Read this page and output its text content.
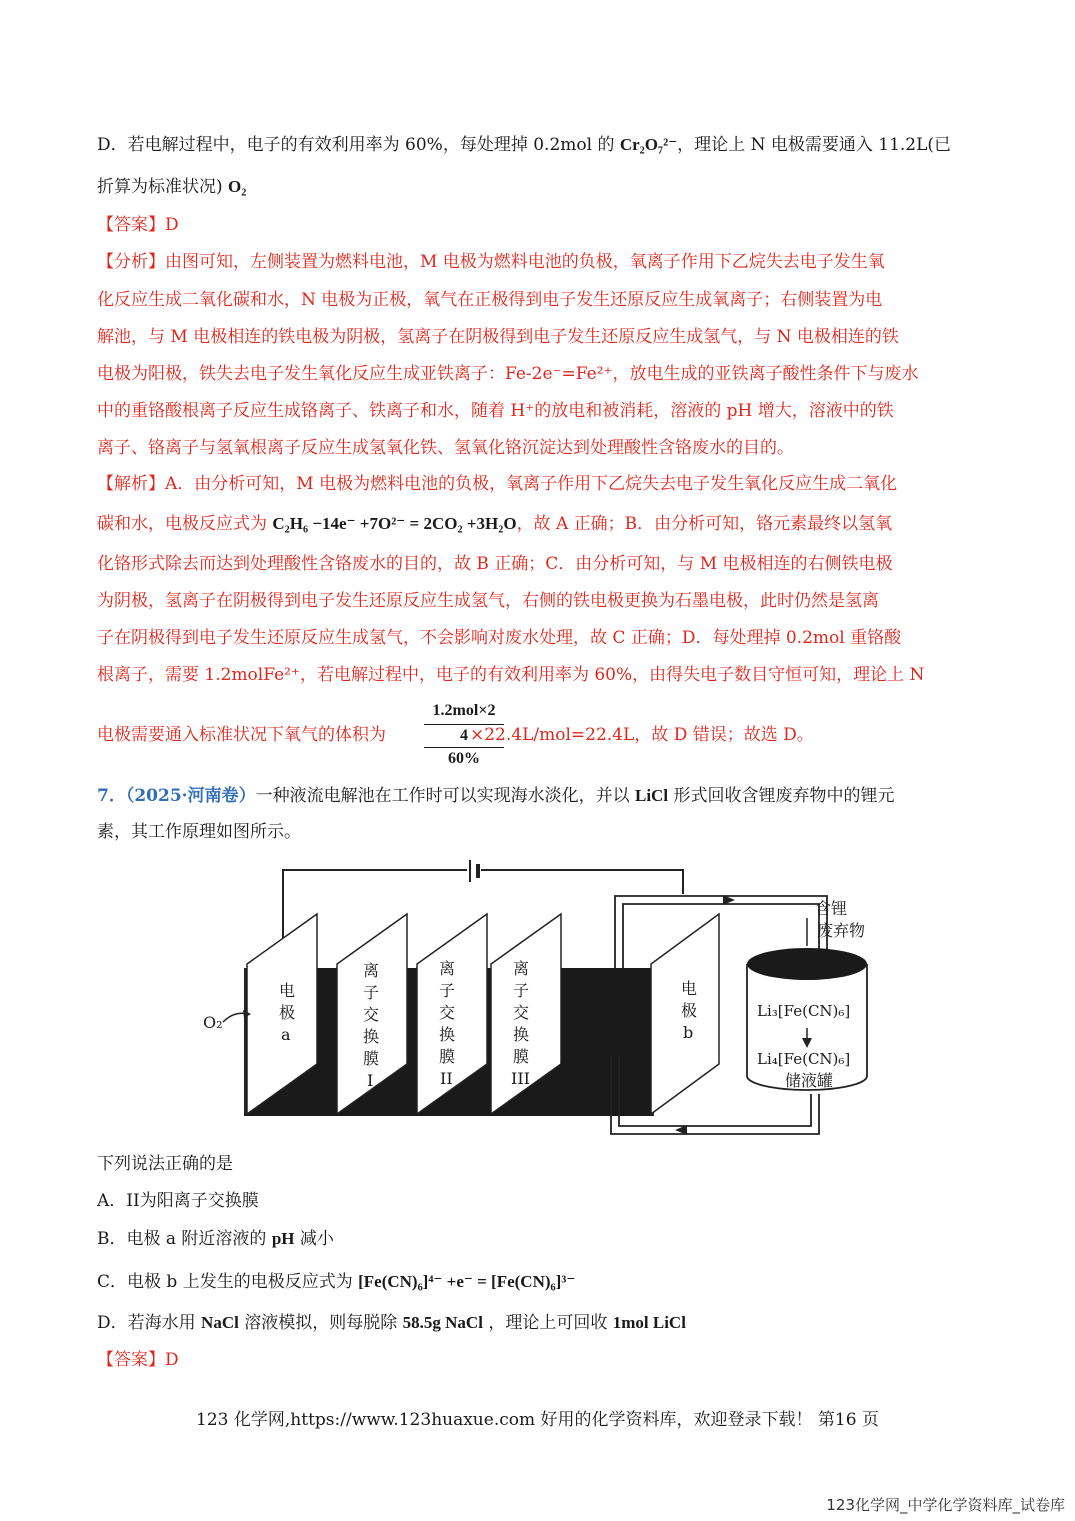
D．若电解过程中，电子的有效利用率为 60%，每处理掉 0.2mol 的 Cr₂O₇²⁻，理论上 N 电极需要通入 11.2L(已
折算为标准状况) O₂
【答案】D
【分析】由图可知，左侧装置为燃料电池，M 电极为燃料电池的负极，氧离子作用下乙烷失去电子发生氧
化反应生成二氧化碳和水，N 电极为正极，氧气在正极得到电子发生还原反应生成氧离子；右侧装置为电
解池，与 M 电极相连的铁电极为阴极，氢离子在阴极得到电子发生还原反应生成氢气，与 N 电极相连的铁
电极为阳极，铁失去电子发生氧化反应生成亚铁离子：Fe-2e⁻=Fe²⁺，放电生成的亚铁离子酸性条件下与废水
中的重铬酸根离子反应生成铬离子、铁离子和水，随着 H⁺的放电和被消耗，溶液的 pH 增大，溶液中的铁
离子、铬离子与氢氧根离子反应生成氢氧化铁、氢氧化铬沉淀达到处理酸性含铬废水的目的。
【解析】A．由分析可知，M 电极为燃料电池的负极，氧离子作用下乙烷失去电子发生氧化反应生成二氧化
碳和水，电极反应式为 C₂H₆ −14e⁻ +7O²⁻ = 2CO₂ +3H₂O，故 A 正确；B．由分析可知，铬元素最终以氢氧
化铬形式除去而达到处理酸性含铬废水的目的，故 B 正确；C．由分析可知，与 M 电极相连的右侧铁电极
为阴极，氢离子在阴极得到电子发生还原反应生成氢气，右侧的铁电极更换为石墨电极，此时仍然是氢离
子在阴极得到电子发生还原反应生成氢气，不会影响对废水处理，故 C 正确；D．每处理掉 0.2mol 重铬酸
根离子，需要 1.2molFe²⁺，若电解过程中，电子的有效利用率为 60%，由得失电子数目守恒可知，理论上 N
电极需要通入标准状况下氧气的体积为	×22.4L/mol=22.4L，故 D 错误；故选 D。
1.2mol×2
4
60%
7．（2025·河南卷）一种液流电解池在工作时可以实现海水淡化，并以 LiCl 形式回收含锂废弃物中的锂元
素，其工作原理如图所示。
O₂
电
极
a
离
子
交
换
膜
I
离
子
交
换
膜
II
离
子
交
换
膜
III
电
极
b
含锂
废弃物
Li₃[Fe(CN)₆]
Li₄[Fe(CN)₆]
储液罐
下列说法正确的是
A．II为阳离子交换膜
B．电极 a 附近溶液的 pH 减小
C．电极 b 上发生的电极反应式为 [Fe(CN)₆]⁴⁻ +e⁻ = [Fe(CN)₆]³⁻
D．若海水用 NaCl 溶液模拟，则每脱除 58.5g NaCl ，理论上可回收 1mol LiCl
【答案】D
123 化学网,https://www.123huaxue.com 好用的化学资料库，欢迎登录下载！ 第16 页
123化学网_中学化学资料库_试卷库
